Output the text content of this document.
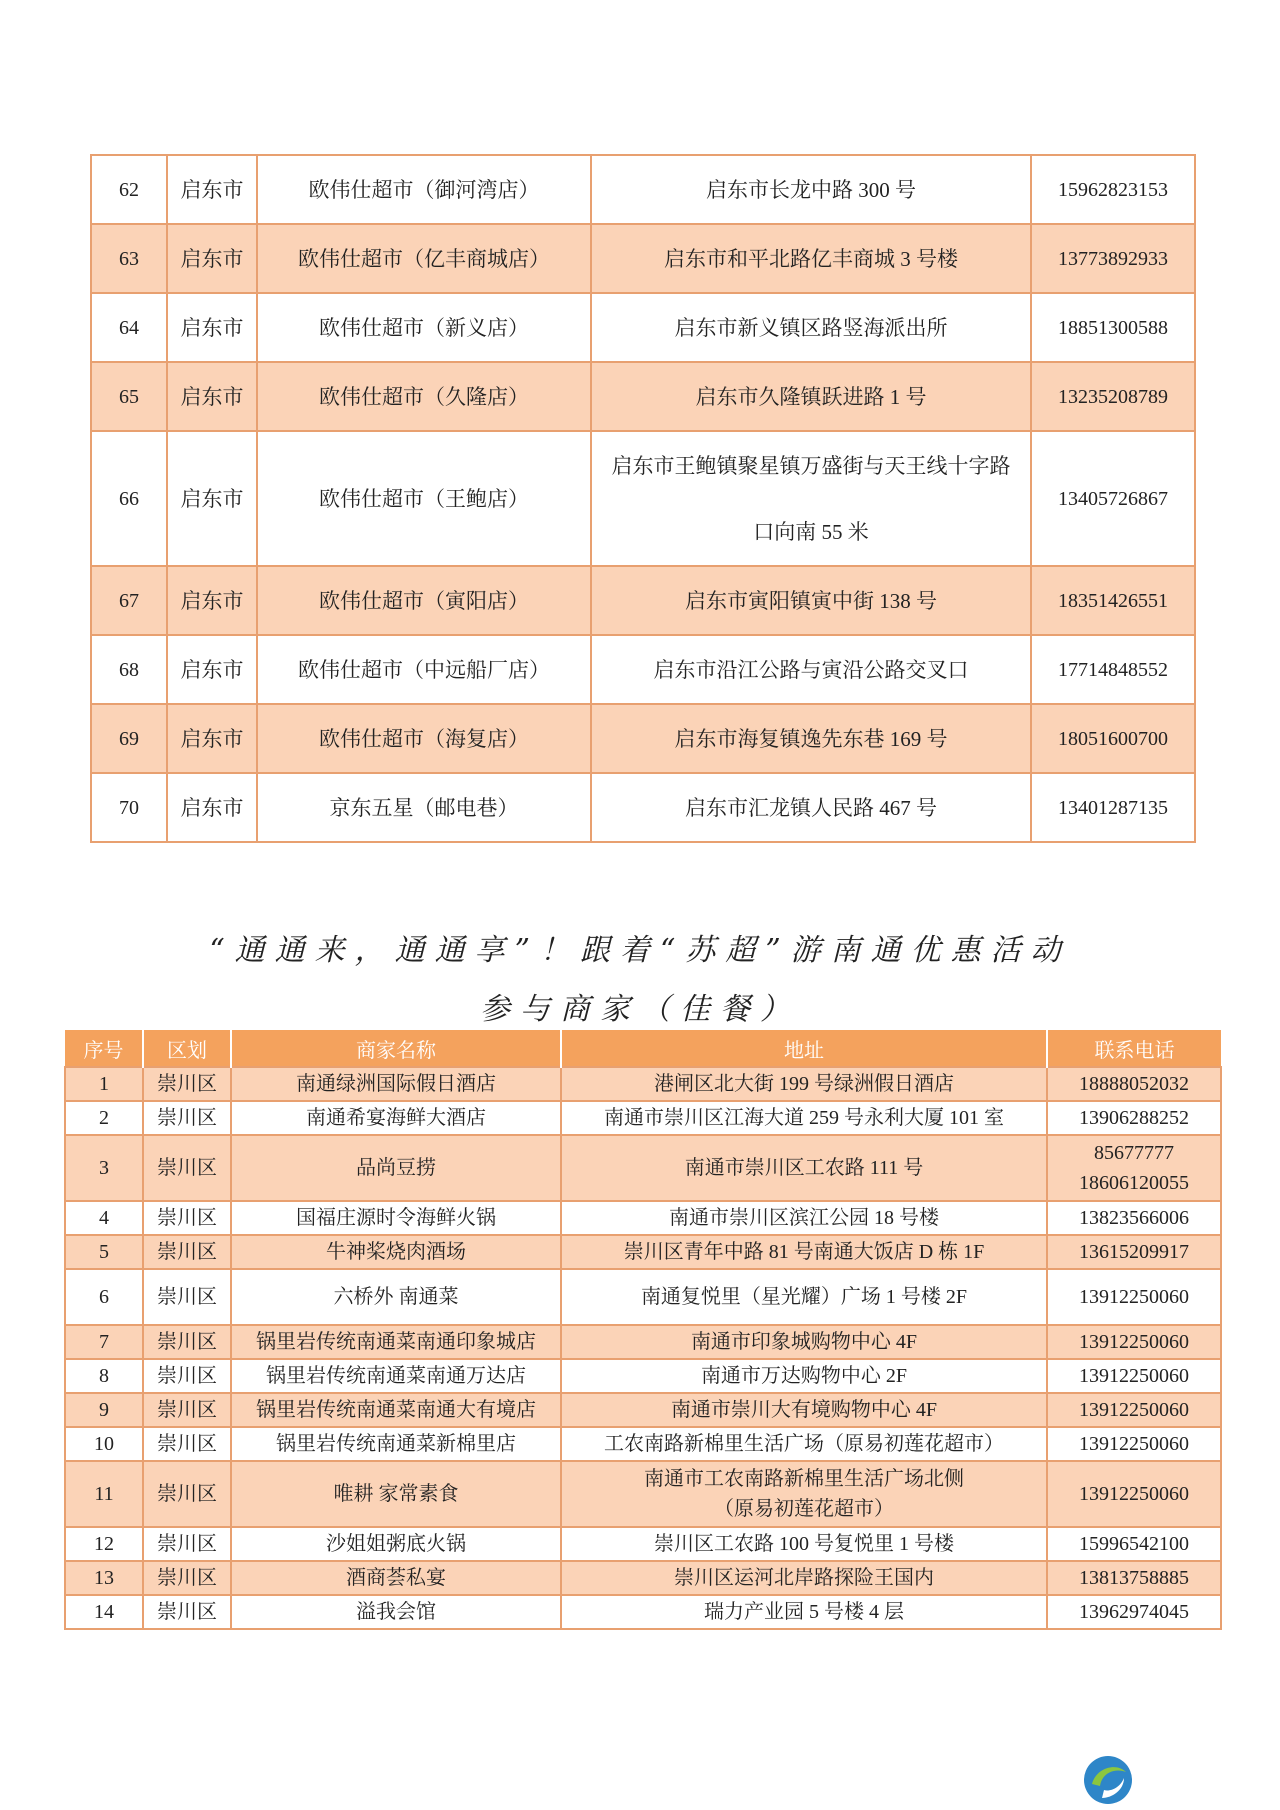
62	启东市	欧伟仕超市（御河湾店）	启东市长龙中路 300 号	15962823153
63	启东市	欧伟仕超市（亿丰商城店）	启东市和平北路亿丰商城 3 号楼	13773892933
64	启东市	欧伟仕超市（新义店）	启东市新义镇区路竖海派出所	18851300588
65	启东市	欧伟仕超市（久隆店）	启东市久隆镇跃进路 1 号	13235208789
66	启东市	欧伟仕超市（王鲍店）	启东市王鲍镇聚星镇万盛街与天王线十字路
口向南 55 米	13405726867
67	启东市	欧伟仕超市（寅阳店）	启东市寅阳镇寅中街 138 号	18351426551
68	启东市	欧伟仕超市（中远船厂店）	启东市沿江公路与寅沿公路交叉口	17714848552
69	启东市	欧伟仕超市（海复店）	启东市海复镇逸先东巷 169 号	18051600700
70	启东市	京东五星（邮电巷）	启东市汇龙镇人民路 467 号	13401287135
“通通来，通通享”！跟着“苏超”游南通优惠活动
参与商家（佳餐）
序号	区划	商家名称	地址	联系电话
1	崇川区	南通绿洲国际假日酒店	港闸区北大街 199 号绿洲假日酒店	18888052032
2	崇川区	南通希宴海鲜大酒店	南通市崇川区江海大道 259 号永利大厦 101 室	13906288252
3	崇川区	品尚豆捞	南通市崇川区工农路 111 号	85677777
18606120055

4	崇川区	国福庄源时令海鲜火锅	南通市崇川区滨江公园 18 号楼	13823566006
5	崇川区	牛神桨烧肉酒场	崇川区青年中路 81 号南通大饭店 D 栋 1F	13615209917
6	崇川区	六桥外 南通菜	南通复悦里（星光耀）广场 1 号楼 2F	13912250060
7	崇川区	锅里岩传统南通菜南通印象城店	南通市印象城购物中心 4F	13912250060
8	崇川区	锅里岩传统南通菜南通万达店	南通市万达购物中心 2F	13912250060
9	崇川区	锅里岩传统南通菜南通大有境店	南通市崇川大有境购物中心 4F	13912250060
10	崇川区	锅里岩传统南通菜新棉里店	工农南路新棉里生活广场（原易初莲花超市）	13912250060
11	崇川区	唯耕 家常素食	南通市工农南路新棉里生活广场北侧
（原易初莲花超市）	13912250060
12	崇川区	沙姐姐粥底火锅	崇川区工农路 100 号复悦里 1 号楼	15996542100
13	崇川区	酒商荟私宴	崇川区运河北岸路探险王国内	13813758885
14	崇川区	溢我会馆	瑞力产业园 5 号楼 4 层	13962974045
